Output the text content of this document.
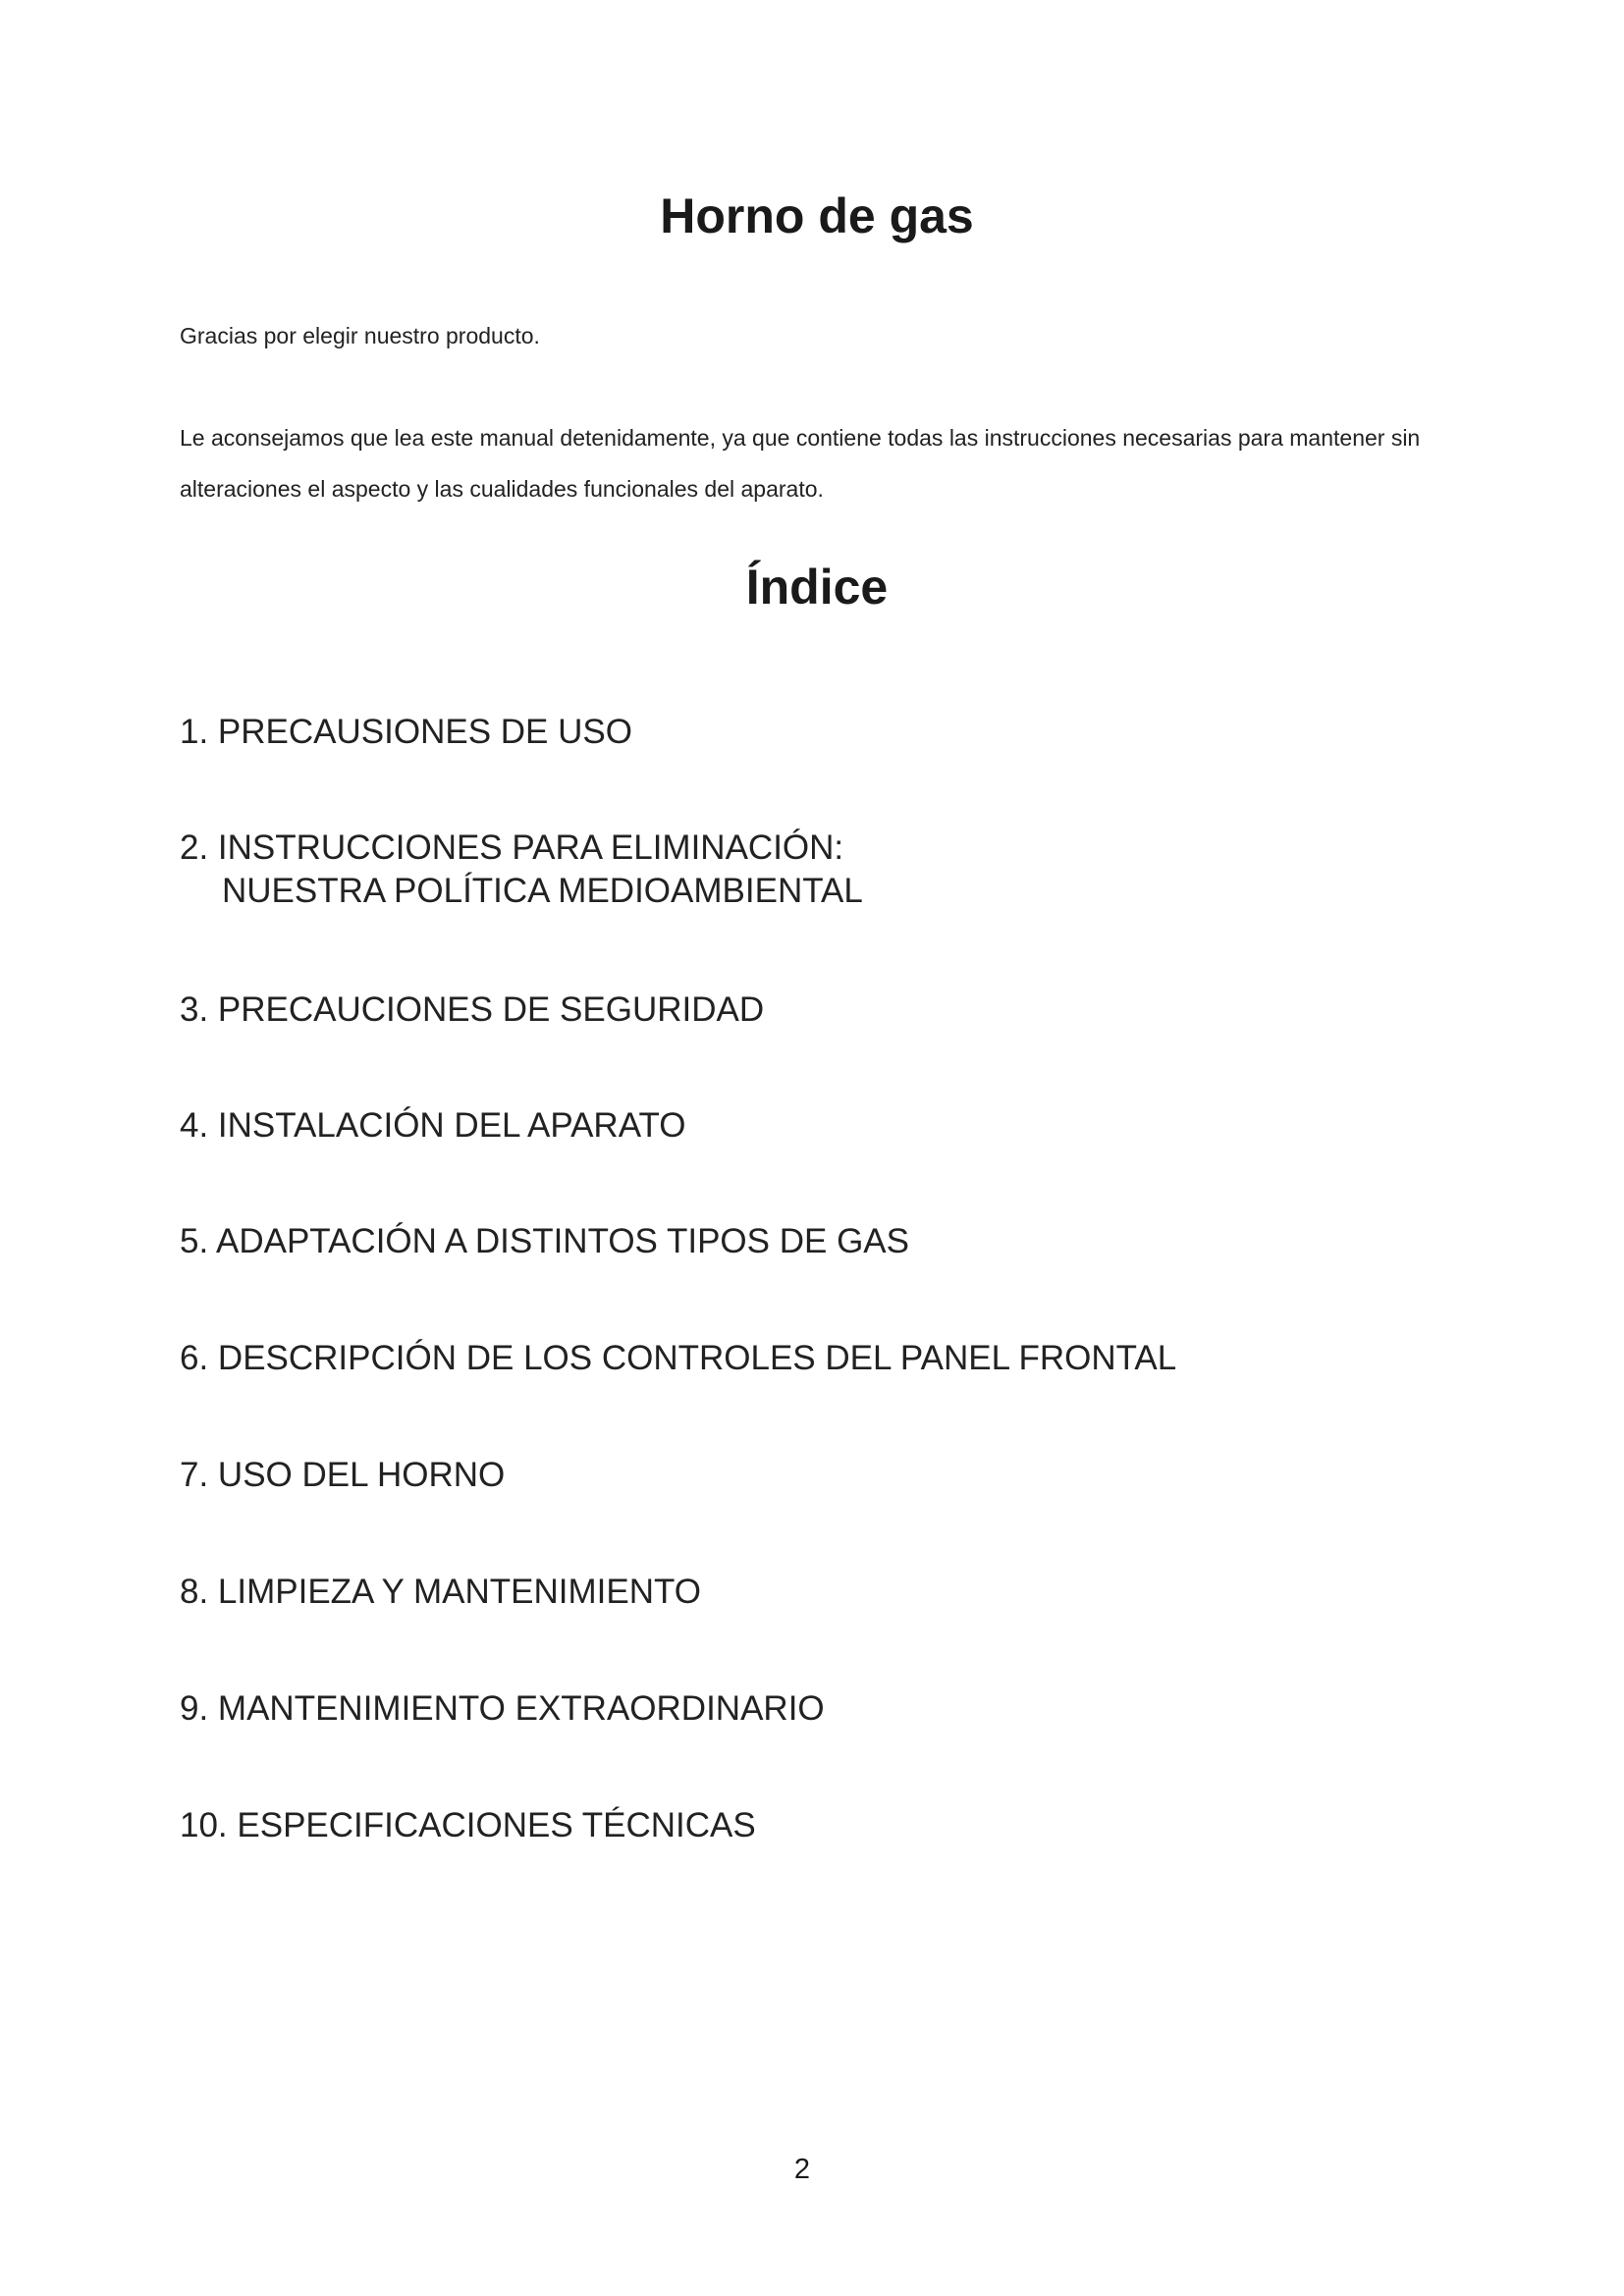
Horno de gas

Gracias por elegir nuestro producto.

Le aconsejamos que lea este manual detenidamente, ya que contiene todas las instrucciones necesarias para mantener sin alteraciones el aspecto y las cualidades funcionales del aparato.

Índice
1. PRECAUSIONES DE USO
2. INSTRUCCIONES PARA ELIMINACIÓN:
NUESTRA POLÍTICA MEDIOAMBIENTAL
3. PRECAUCIONES DE SEGURIDAD
4. INSTALACIÓN DEL APARATO
5. ADAPTACIÓN A DISTINTOS TIPOS DE GAS
6. DESCRIPCIÓN DE LOS CONTROLES DEL PANEL FRONTAL
7. USO DEL HORNO
8. LIMPIEZA Y MANTENIMIENTO
9. MANTENIMIENTO EXTRAORDINARIO
10. ESPECIFICACIONES TÉCNICAS
2
